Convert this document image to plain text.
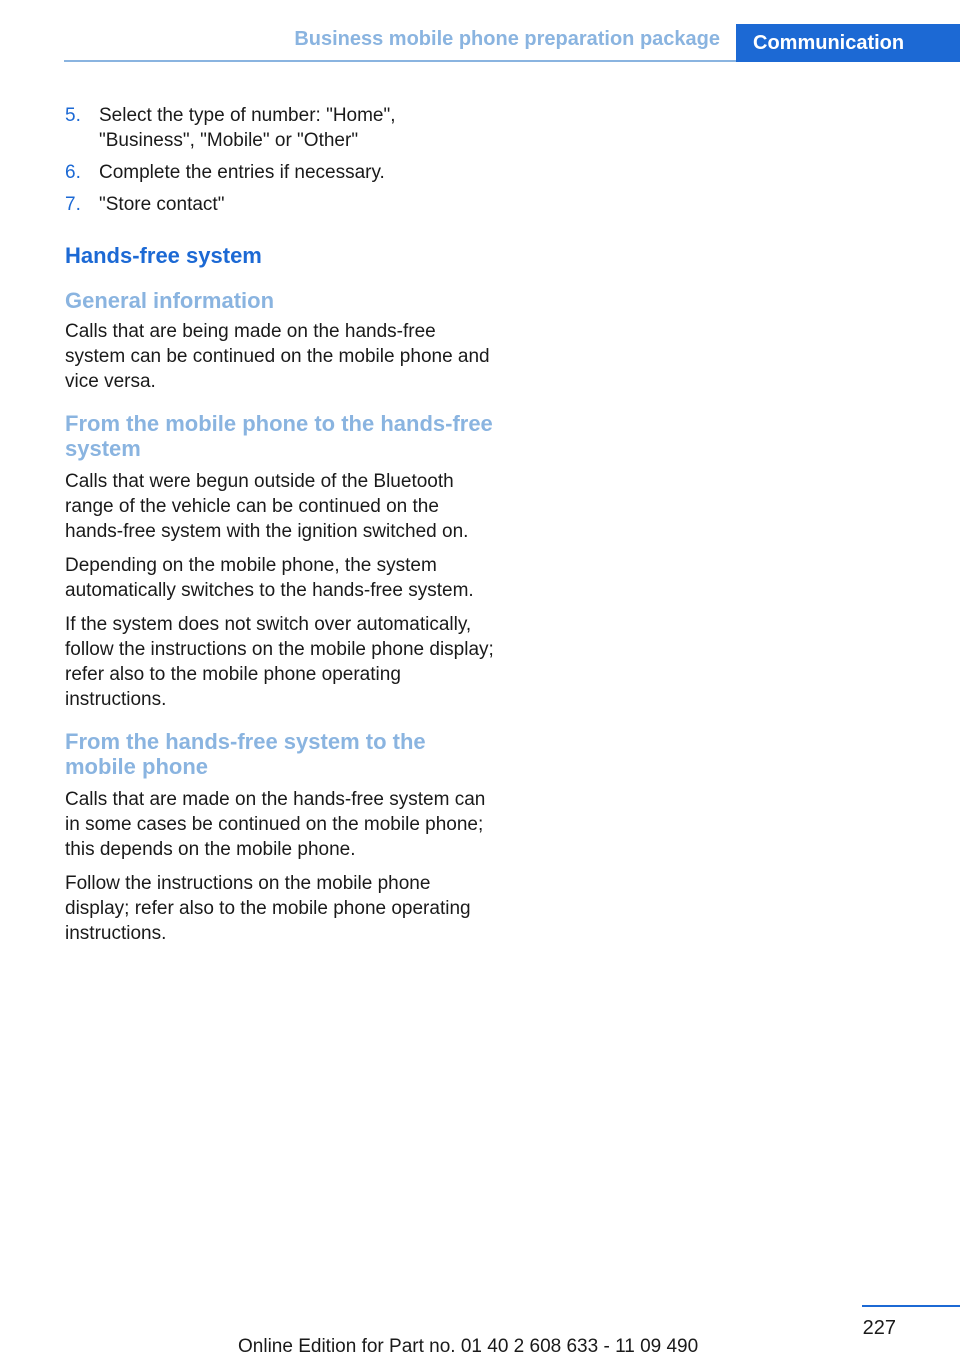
Business mobile phone preparation package Communication
5. Select the type of number: "Home", "Business", "Mobile" or "Other"
6. Complete the entries if necessary.
7. "Store contact"
Hands-free system
General information

Calls that are being made on the hands-free system can be continued on the mobile phone and vice versa.

From the mobile phone to the hands-free system

Calls that were begun outside of the Bluetooth range of the vehicle can be continued on the hands-free system with the ignition switched on.

Depending on the mobile phone, the system automatically switches to the hands-free system.

If the system does not switch over automatically, follow the instructions on the mobile phone display; refer also to the mobile phone operating instructions.

From the hands-free system to the mobile phone

Calls that are made on the hands-free system can in some cases be continued on the mobile phone; this depends on the mobile phone.

Follow the instructions on the mobile phone display; refer also to the mobile phone operating instructions.

227
Online Edition for Part no. 01 40 2 608 633 - 11 09 490
